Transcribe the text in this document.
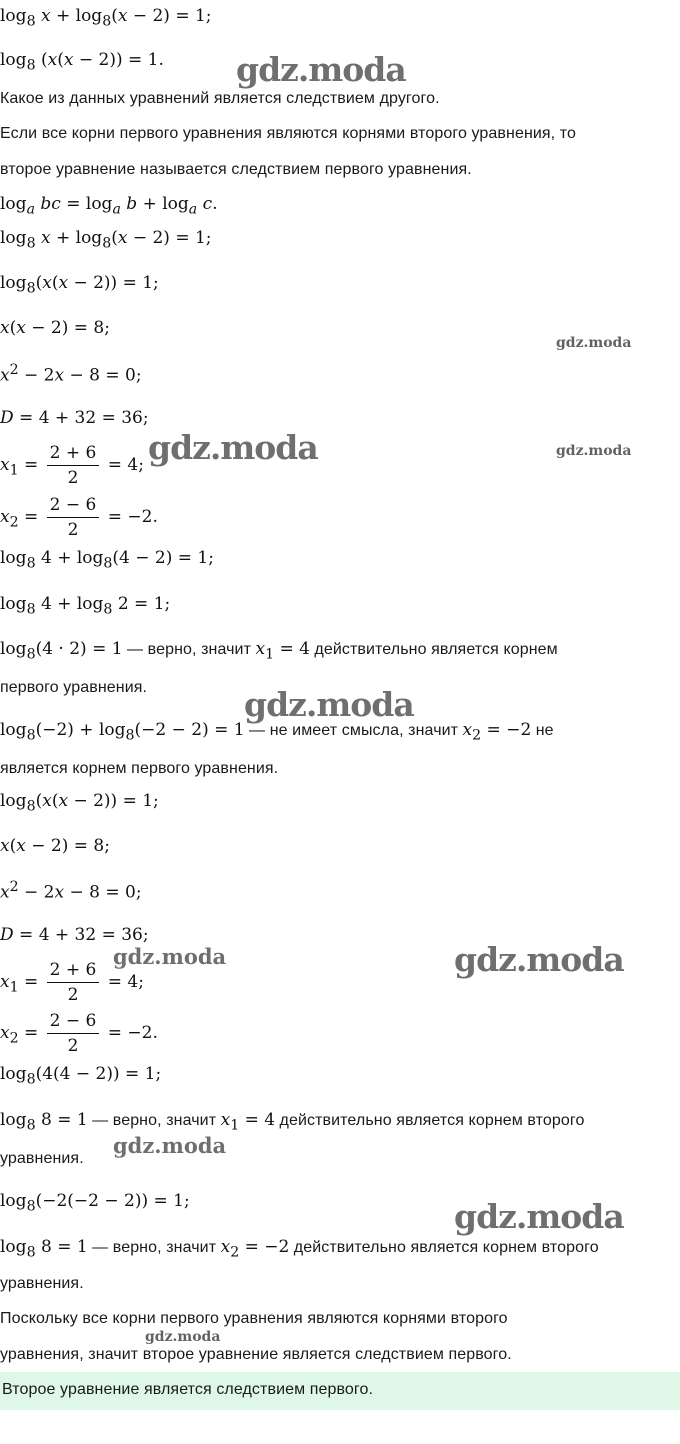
$\log_8 x + \log_8(x - 2) = 1$;
$\log_8 (x(x - 2)) = 1$.
Какое из данных уравнений является следствием другого.
Если все корни первого уравнения являются корнями второго уравнения, то
второе уравнение называется следствием первого уравнения.
$\log_a$ bc = $\log_a b + \log_a c$.
$\log_8 x + \log_8(x - 2) = 1$;
$\log_8(x(x - 2)) = 1$;
x(x − 2) = 8;
$x^2 - 2x - 8 = 0$;
D = 4 + 32 = 36;
$x_1 = \frac{2 + 6}{2} = 4$;
$x_2 = \frac{2 - 6}{2} = -2$.
$\log_8 4 + \log_8(4 - 2) = 1$;
$\log_8 4 + \log_8 2 = 1$;
$\log_8(4 \cdot 2) = 1$ — верно, значит $x_1 = 4$ действительно является корнем
первого уравнения.
$\log_8(-2) + \log_8(-2 - 2) = 1$ — не имеет смысла, значит $x_2 = -2$ не
является корнем первого уравнения.
$\log_8(x(x - 2)) = 1$;
x(x − 2) = 8;
$x^2 - 2x - 8 = 0$;
D = 4 + 32 = 36;
$x_1 = \frac{2 + 6}{2} = 4$;
$x_2 = \frac{2 - 6}{2} = -2$.
$\log_8(4(4 - 2)) = 1$;
$\log_8 8 = 1$ — верно, значит $x_1 = 4$ действительно является корнем второго
уравнения.
$\log_8(-2(-2 - 2)) = 1$;
$\log_8 8 = 1$ — верно, значит $x_2 = -2$ действительно является корнем второго
уравнения.
Поскольку все корни первого уравнения являются корнями второго
уравнения, значит второе уравнение является следствием первого.
Второе уравнение является следствием первого.
gdz.moda
gdz.moda
gdz.moda
gdz.moda
gdz.moda
gdz.moda	gdz.moda
gdz.moda
gdz.moda
gdz.moda
